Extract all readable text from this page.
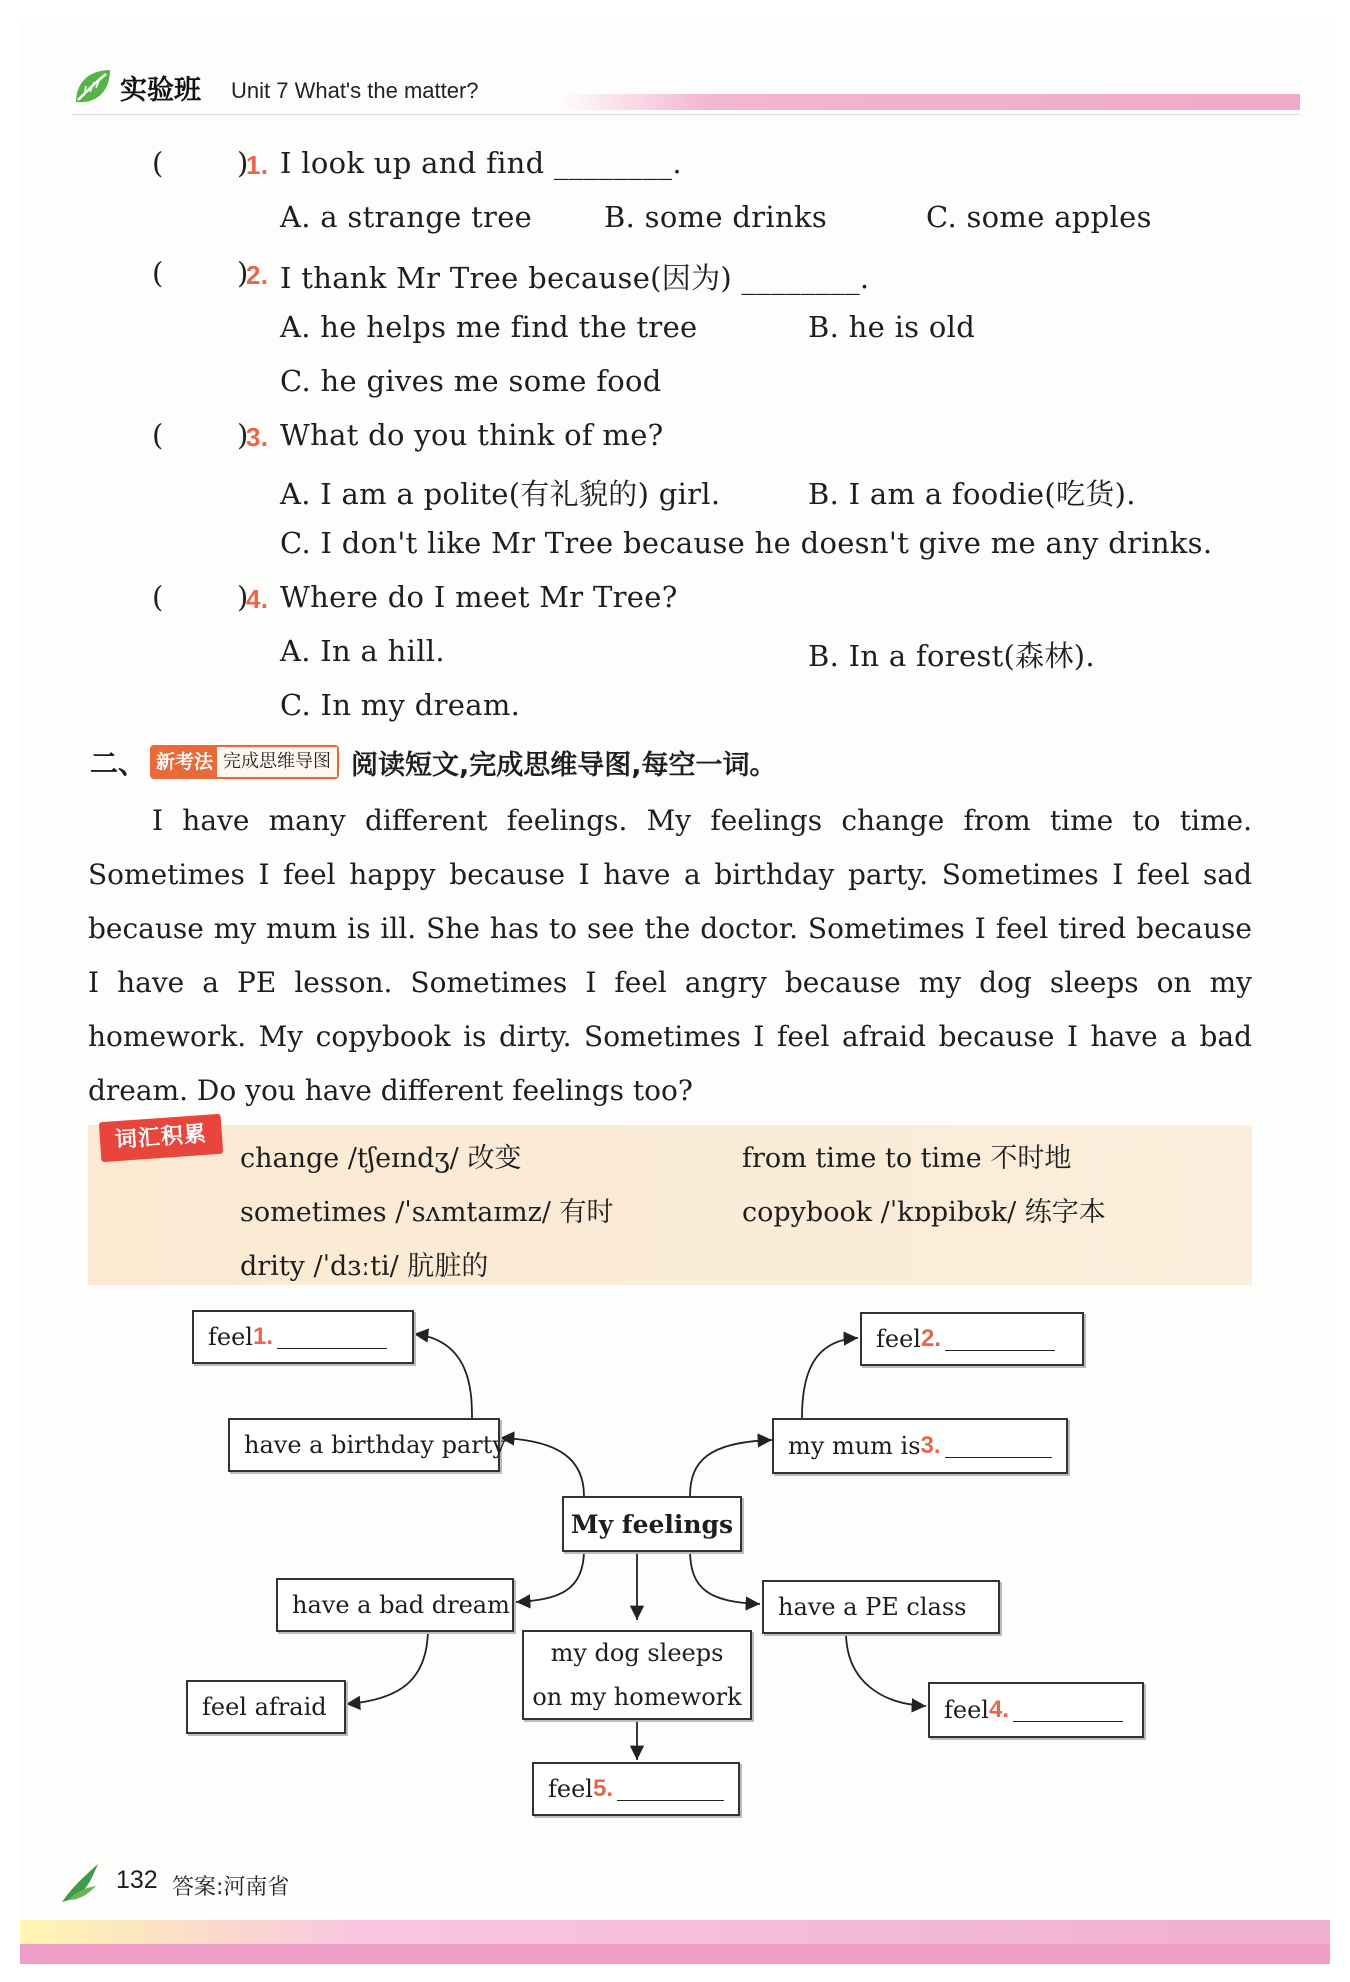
实验班 Unit 7 What's the matter?
(        )
1. I look up and find ________.
A. a strange tree B. some drinks	C. some apples
(        )
2. I thank Mr Tree because(因为) ________.
A. he helps me find the tree	B. he is old
C. he gives me some food
(        )
3. What do you think of me?
A. I am a polite(有礼貌的) girl.	B. I am a foodie(吃货).
C. I don't like Mr Tree because he doesn't give me any drinks.
(        )
4. Where do I meet Mr Tree?
A. In a hill.	B. In a forest(森林).
C. In my dream.
二、 新考法 完成思维导图 阅读短文,完成思维导图,每空一词。

I have many different feelings. My feelings change from time to time. Sometimes I feel happy because I have a birthday party. Sometimes I feel sad because my mum is ill. She has to see the doctor. Sometimes I feel tired because I have a PE lesson. Sometimes I feel angry because my dog sleeps on my homework. My copybook is dirty. Sometimes I feel afraid because I have a bad dream. Do you have different feelings too?

词汇积累
change /tʃeɪndʒ/ 改变	from time to time 不时地
sometimes /ˈsʌmtaɪmz/ 有时	copybook /ˈkɒpibʊk/ 练字本
drity /ˈdɜːti/ 肮脏的
feel 1.
have a birthday party
feel 2.
my mum is 3.
My feelings
have a bad dream	have a PE class
feel afraid
my dog sleeps
on my homework	feel 4.
feel 5.
132 答案:河南省
